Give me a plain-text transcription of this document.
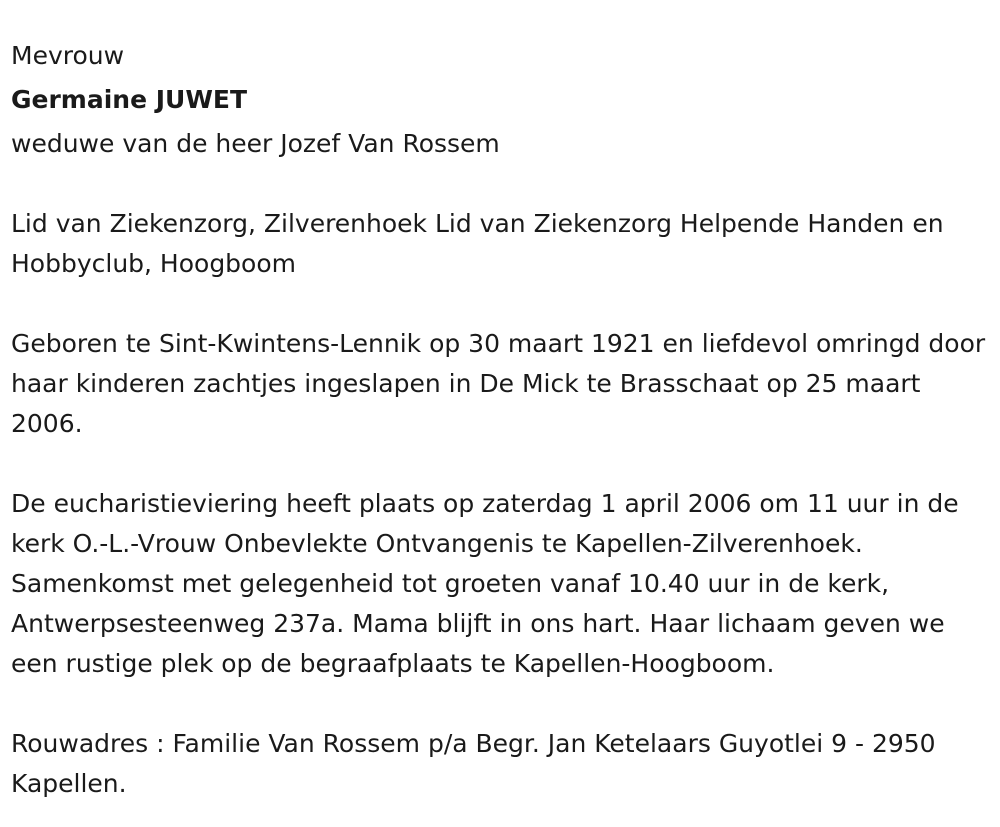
Mevrouw

Germaine JUWET

weduwe van de heer Jozef Van Rossem

Lid van Ziekenzorg, Zilverenhoek Lid van Ziekenzorg Helpende Handen en Hobbyclub, Hoogboom

Geboren te Sint-Kwintens-Lennik op 30 maart 1921 en liefdevol omringd door haar kinderen zachtjes ingeslapen in De Mick te Brasschaat op 25 maart 2006.

De eucharistieviering heeft plaats op zaterdag 1 april 2006 om 11 uur in de kerk O.-L.-Vrouw Onbevlekte Ontvangenis te Kapellen-Zilverenhoek. Samenkomst met gelegenheid tot groeten vanaf 10.40 uur in de kerk, Antwerpsesteenweg 237a. Mama blijft in ons hart. Haar lichaam geven we een rustige plek op de begraafplaats te Kapellen-Hoogboom.

Rouwadres : Familie Van Rossem p/a Begr. Jan Ketelaars Guyotlei 9 - 2950 Kapellen.
